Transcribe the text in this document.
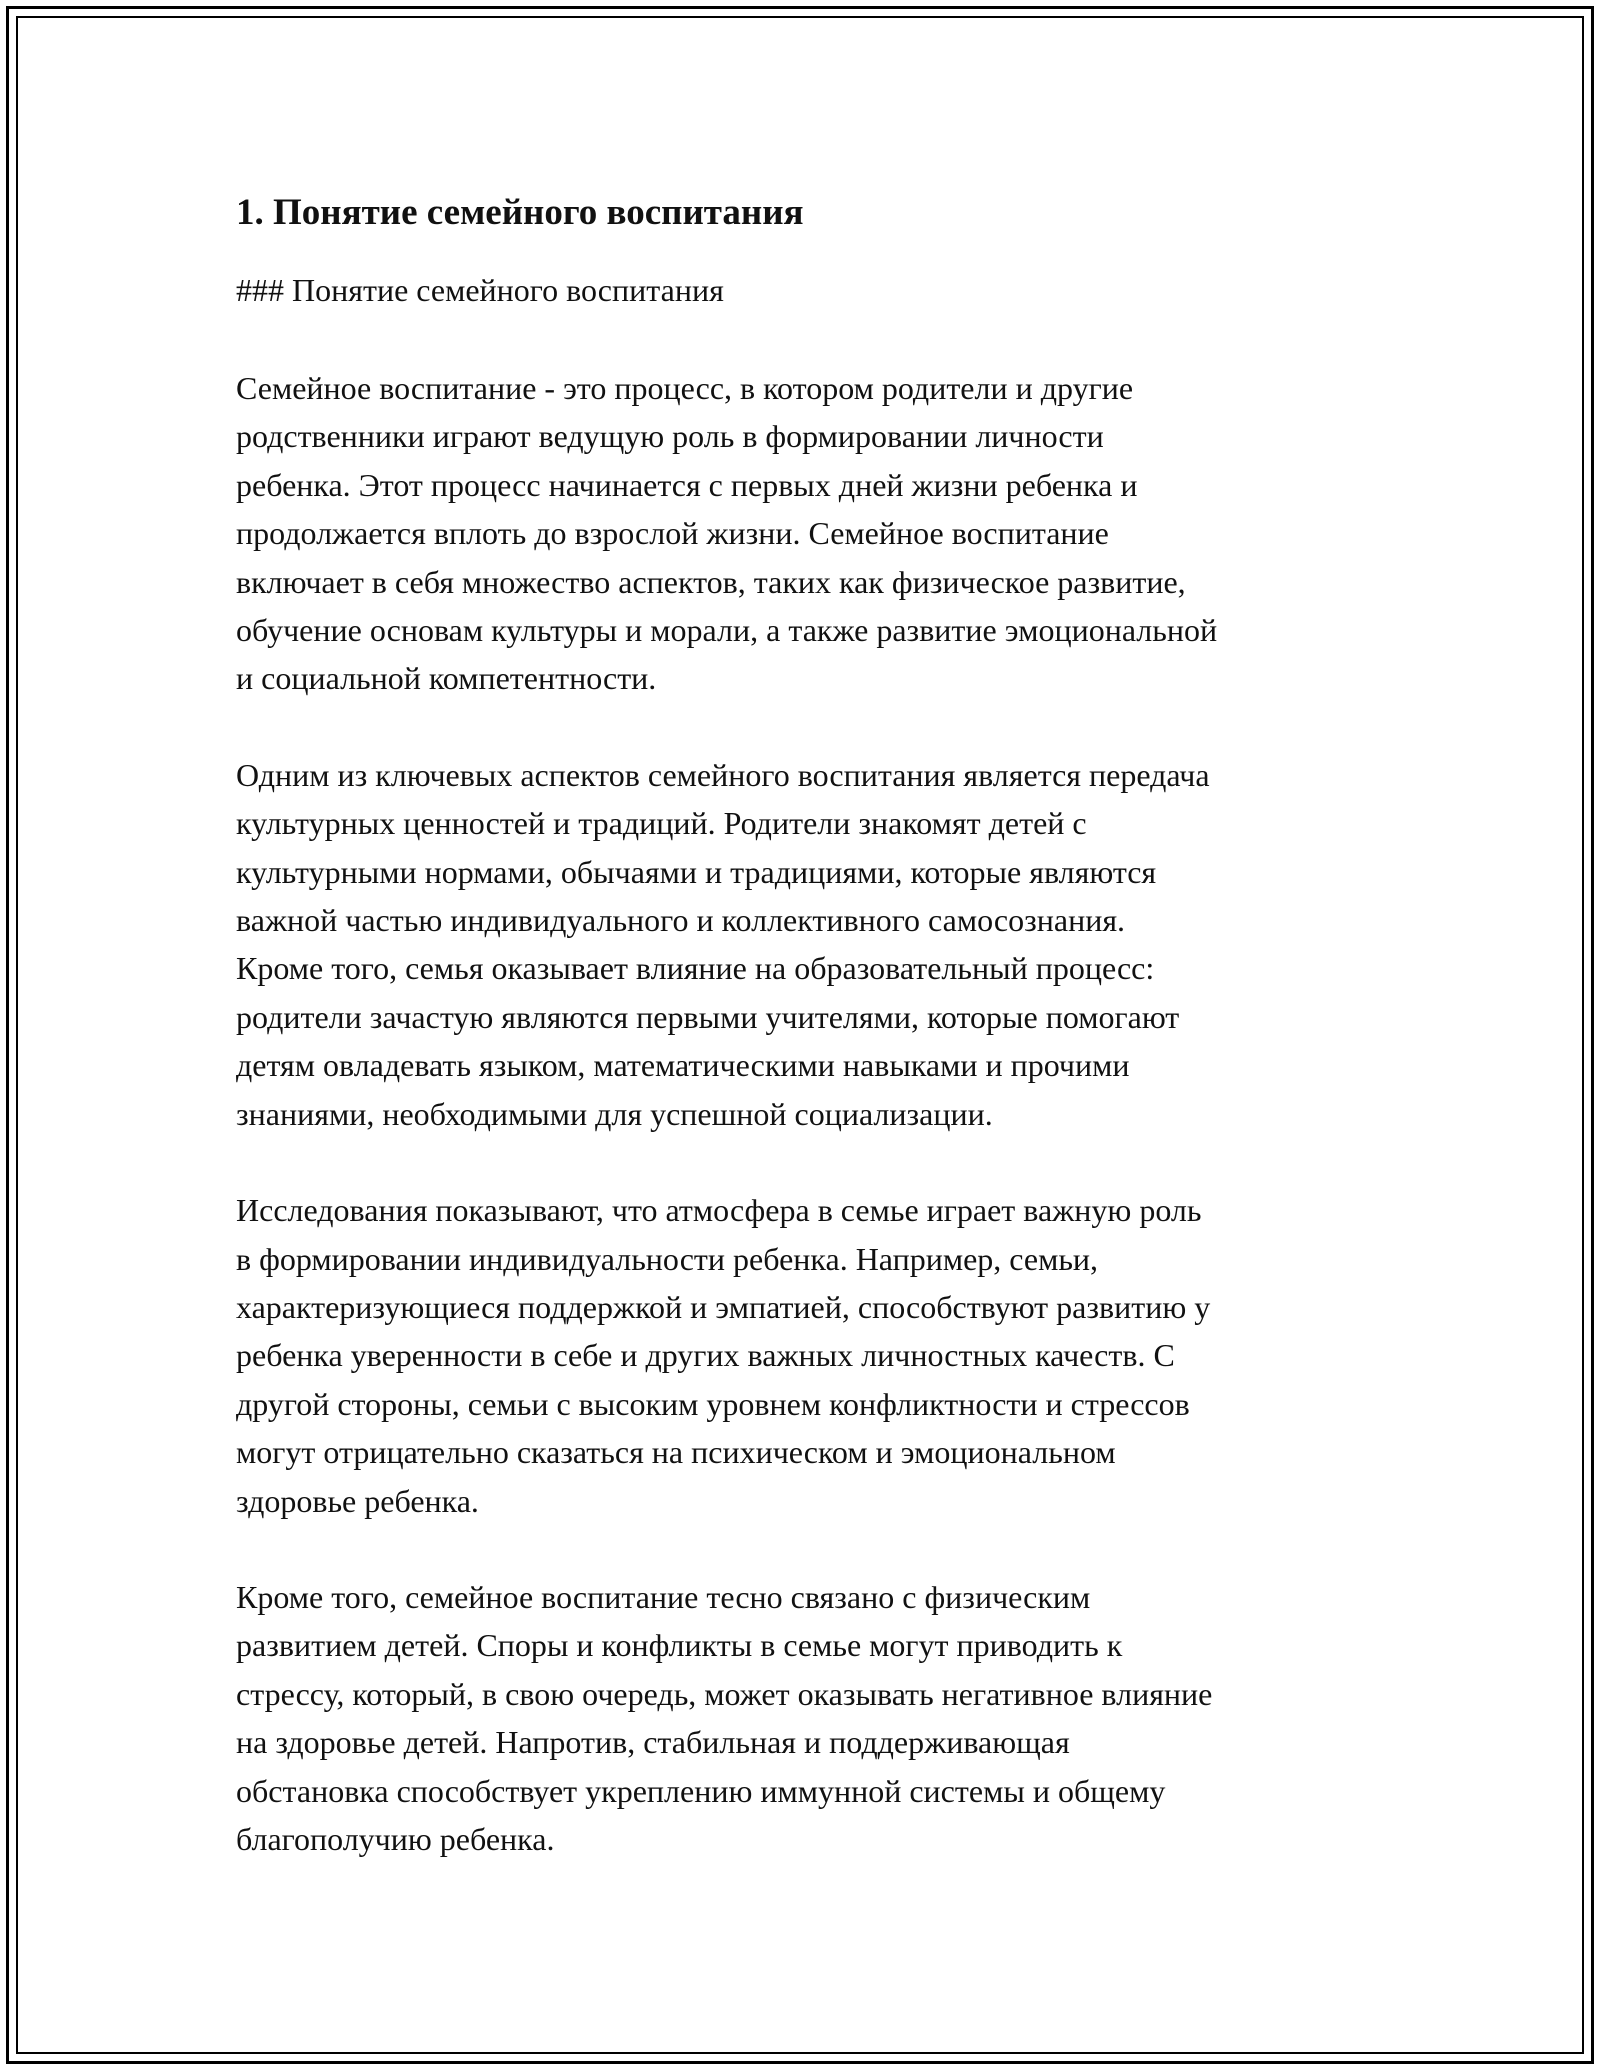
1. Понятие семейного воспитания
### Понятие семейного воспитания

Семейное воспитание - это процесс, в котором родители и другие
родственники играют ведущую роль в формировании личности
ребенка. Этот процесс начинается с первых дней жизни ребенка и
продолжается вплоть до взрослой жизни. Семейное воспитание
включает в себя множество аспектов, таких как физическое развитие,
обучение основам культуры и морали, а также развитие эмоциональной
и социальной компетентности.

Одним из ключевых аспектов семейного воспитания является передача
культурных ценностей и традиций. Родители знакомят детей с
культурными нормами, обычаями и традициями, которые являются
важной частью индивидуального и коллективного самосознания.
Кроме того, семья оказывает влияние на образовательный процесс:
родители зачастую являются первыми учителями, которые помогают
детям овладевать языком, математическими навыками и прочими
знаниями, необходимыми для успешной социализации.

Исследования показывают, что атмосфера в семье играет важную роль
в формировании индивидуальности ребенка. Например, семьи,
характеризующиеся поддержкой и эмпатией, способствуют развитию у
ребенка уверенности в себе и других важных личностных качеств. С
другой стороны, семьи с высоким уровнем конфликтности и стрессов
могут отрицательно сказаться на психическом и эмоциональном
здоровье ребенка.

Кроме того, семейное воспитание тесно связано с физическим
развитием детей. Споры и конфликты в семье могут приводить к
стрессу, который, в свою очередь, может оказывать негативное влияние
на здоровье детей. Напротив, стабильная и поддерживающая
обстановка способствует укреплению иммунной системы и общему
благополучию ребенка.
